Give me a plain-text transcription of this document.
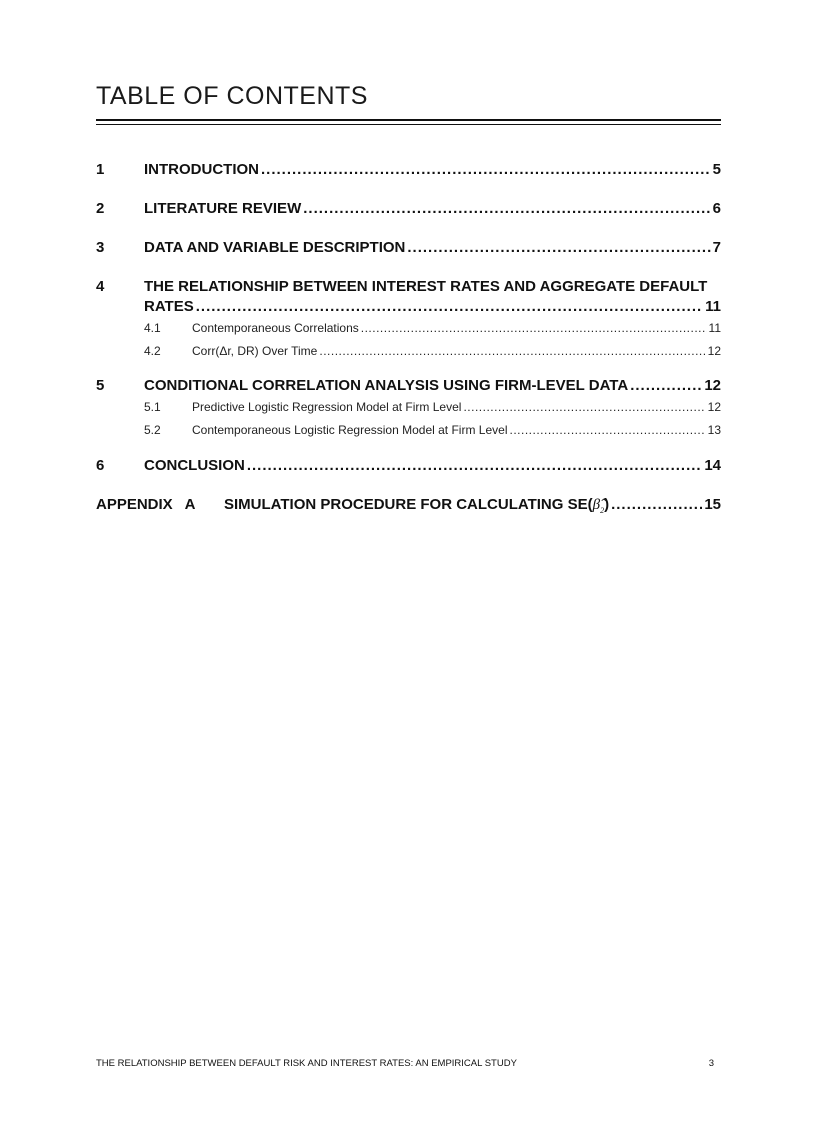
TABLE OF CONTENTS
1	INTRODUCTION .....	5
2	LITERATURE REVIEW .....	6
3	DATA AND VARIABLE DESCRIPTION .....	7
4	THE RELATIONSHIP BETWEEN INTEREST RATES AND AGGREGATE DEFAULT
RATES .....	11
4.1	Contemporaneous Correlations .....	11
4.2	Corr(Δr, DR) Over Time .....	12
5	CONDITIONAL CORRELATION ANALYSIS USING FIRM-LEVEL DATA .....	12
5.1	Predictive Logistic Regression Model at Firm Level .....	12
5.2	Contemporaneous Logistic Regression Model at Firm Level .....	13
6	CONCLUSION .....	14
APPENDIX   A	SIMULATION PROCEDURE FOR CALCULATING $SE(\betâ_2)$ .....	15
THE RELATIONSHIP BETWEEN DEFAULT RISK AND INTEREST RATES: AN EMPIRICAL STUDY	3
